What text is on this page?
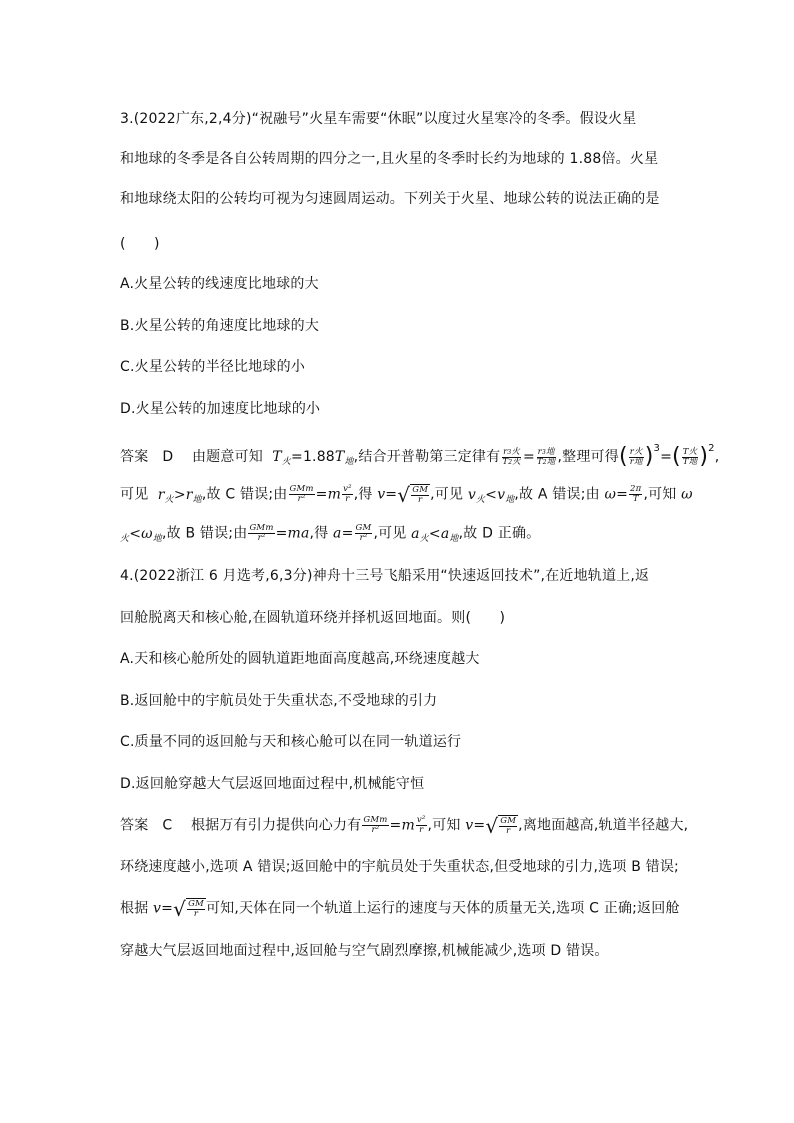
3.(2022广东,2,4分)“祝融号”火星车需要“休眠”以度过火星寒冷的冬季。假设火星
和地球的冬季是各自公转周期的四分之一,且火星的冬季时长约为地球的 1.88倍。火星
和地球绕太阳的公转均可视为匀速圆周运动。下列关于火星、地球公转的说法正确的是
(　　)
A.火星公转的线速度比地球的大
B.火星公转的角速度比地球的大
C.火星公转的半径比地球的小
D.火星公转的加速度比地球的小
答案 D 由题意可知  $T_火=1.88T_地$,结合开普勒第三定律有 $\frac{\text{r3火}}{\text{T2火}} = \frac{\text{r3地}}{\text{T2地}}$ ,整理可得( $\frac{\text{r火}}{\text{r地}} )^3=( \frac{\text{T火}}{\text{T地}} )^2$,
可见  $r_火>r_地$,故 C 错误;由 $\frac{\text{GMm}}{\text{r²}} =m \frac{\text{v²}}{r}$ ,得 v= √ $\frac{GM}{r}$ ,可见 $v_火<v_地$,故 A 错误;由 $\omega= \frac{2\pi}{T}$ ,可知 ω
$_火<\omega_地$,故 B 错误;由 $\frac{\text{GMm}}{\text{r²}} =ma$,得 $a= \frac{GM}{\text{r²}}$ ,可见 $a_火<a_地$,故 D 正确。
4.(2022浙江 6 月选考,6,3分)神舟十三号飞船采用“快速返回技术”,在近地轨道上,返
回舱脱离天和核心舱,在圆轨道环绕并择机返回地面。则(　　)
A.天和核心舱所处的圆轨道距地面高度越高,环绕速度越大
B.返回舱中的宇航员处于失重状态,不受地球的引力
C.质量不同的返回舱与天和核心舱可以在同一轨道运行
D.返回舱穿越大气层返回地面过程中,机械能守恒
答案 C 根据万有引力提供向心力有 $\frac{\text{GMm}}{\text{r²}} =m \frac{\text{v²}}{r}$ ,可知 v= √ $\frac{GM}{r}$ ,离地面越高,轨道半径越大,
环绕速度越小,选项 A 错误;返回舱中的宇航员处于失重状态,但受地球的引力,选项 B 错误;
根据 v= √ $\frac{GM}{r}$ 可知,天体在同一个轨道上运行的速度与天体的质量无关,选项 C 正确;返回舱
穿越大气层返回地面过程中,返回舱与空气剧烈摩擦,机械能减少,选项 D 错误。
